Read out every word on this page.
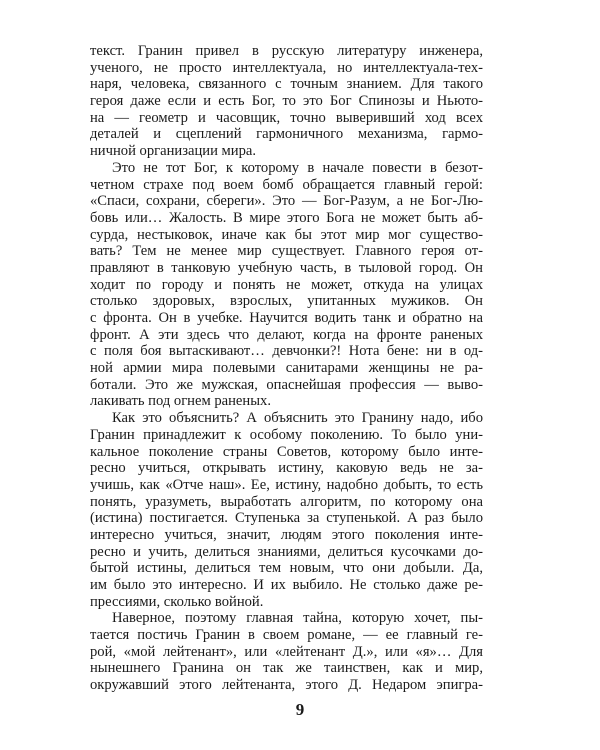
текст. Гранин привел в русскую литературу инженера,
ученого, не просто интеллектуала, но интеллектуала-тех-
наря, человека, связанного с точным знанием. Для такого
героя даже если и есть Бог, то это Бог Спинозы и Ньюто-
на — геометр и часовщик, точно выверивший ход всех
деталей и сцеплений гармоничного механизма, гармо-
ничной организации мира.
Это не тот Бог, к которому в начале повести в безот-
четном страхе под воем бомб обращается главный герой:
«Спаси, сохрани, сбереги». Это — Бог-Разум, а не Бог-Лю-
бовь или… Жалость. В мире этого Бога не может быть аб-
сурда, нестыковок, иначе как бы этот мир мог существо-
вать? Тем не менее мир существует. Главного героя от-
правляют в танковую учебную часть, в тыловой город. Он
ходит по городу и понять не может, откуда на улицах
столько здоровых, взрослых, упитанных мужиков. Он
с фронта. Он в учебке. Научится водить танк и обратно на
фронт. А эти здесь что делают, когда на фронте раненых
с поля боя вытаскивают… девчонки?! Нота бене: ни в од-
ной армии мира полевыми санитарами женщины не ра-
ботали. Это же мужская, опаснейшая профессия — выво-
лакивать под огнем раненых.
Как это объяснить? А объяснить это Гранину надо, ибо
Гранин принадлежит к особому поколению. То было уни-
кальное поколение страны Советов, которому было инте-
ресно учиться, открывать истину, каковую ведь не за-
учишь, как «Отче наш». Ее, истину, надобно добыть, то есть
понять, уразуметь, выработать алгоритм, по которому она
(истина) постигается. Ступенька за ступенькой. А раз было
интересно учиться, значит, людям этого поколения инте-
ресно и учить, делиться знаниями, делиться кусочками до-
бытой истины, делиться тем новым, что они добыли. Да,
им было это интересно. И их выбило. Не столько даже ре-
прессиями, сколько войной.
Наверное, поэтому главная тайна, которую хочет, пы-
тается постичь Гранин в своем романе, — ее главный ге-
рой, «мой лейтенант», или «лейтенант Д.», или «я»… Для
нынешнего Гранина он так же таинствен, как и мир,
окружавший этого лейтенанта, этого Д. Недаром эпигра-
9
